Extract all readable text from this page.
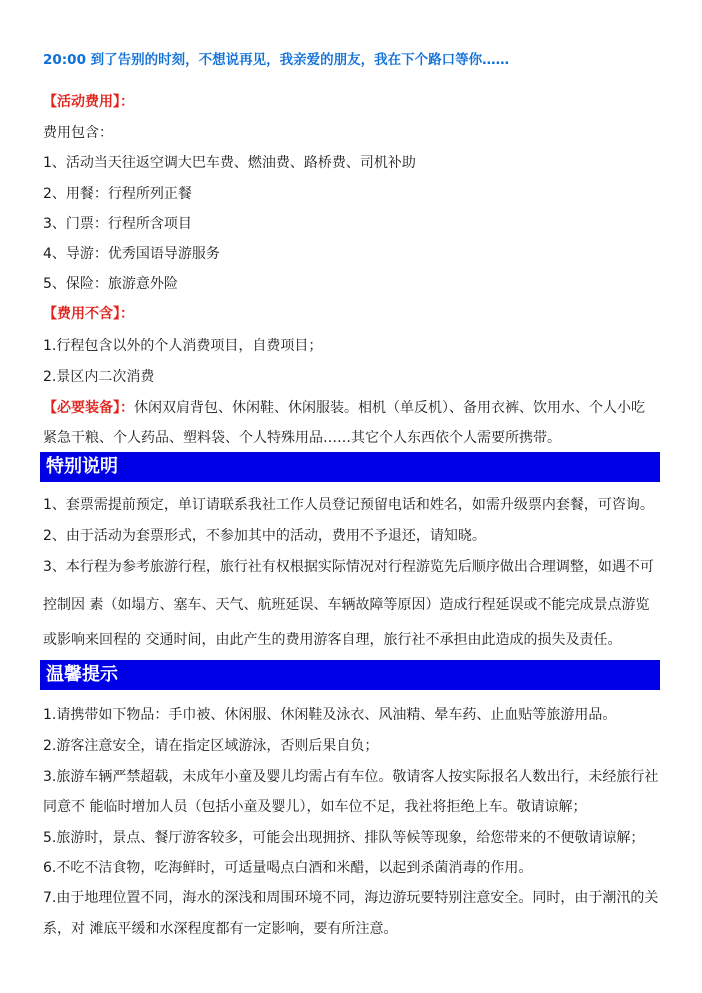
20:00 到了告别的时刻，不想说再见，我亲爱的朋友，我在下个路口等你……
【活动费用】：
费用包含：
1、活动当天往返空调大巴车费、燃油费、路桥费、司机补助
2、用餐：行程所列正餐
3、门票：行程所含项目
4、导游：优秀国语导游服务
5、保险：旅游意外险
【费用不含】：
1.行程包含以外的个人消费项目，自费项目；
2.景区内二次消费
【必要装备】：休闲双肩背包、休闲鞋、休闲服装。相机（单反机）、备用衣裤、饮用水、个人小吃
紧急干粮、个人药品、塑料袋、个人特殊用品……其它个人东西依个人需要所携带。
特别说明
1、套票需提前预定，单订请联系我社工作人员登记预留电话和姓名，如需升级票内套餐，可咨询。
2、由于活动为套票形式，不参加其中的活动，费用不予退还，请知晓。
3、本行程为参考旅游行程，旅行社有权根据实际情况对行程游览先后顺序做出合理调整，如遇不可
控制因 素（如塌方、塞车、天气、航班延误、车辆故障等原因）造成行程延误或不能完成景点游览
或影响来回程的 交通时间，由此产生的费用游客自理，旅行社不承担由此造成的损失及责任。
温馨提示
1.请携带如下物品：手巾被、休闲服、休闲鞋及泳衣、风油精、晕车药、止血贴等旅游用品。
2.游客注意安全，请在指定区域游泳，否则后果自负；
3.旅游车辆严禁超载，未成年小童及婴儿均需占有车位。敬请客人按实际报名人数出行，未经旅行社
同意不 能临时增加人员（包括小童及婴儿），如车位不足，我社将拒绝上车。敬请谅解；
5.旅游时，景点、餐厅游客较多，可能会出现拥挤、排队等候等现象，给您带来的不便敬请谅解；
6.不吃不洁食物，吃海鲜时，可适量喝点白酒和米醋，以起到杀菌消毒的作用。
7.由于地理位置不同，海水的深浅和周围环境不同，海边游玩要特别注意安全。同时，由于潮汛的关
系，对 滩底平缓和水深程度都有一定影响，要有所注意。
